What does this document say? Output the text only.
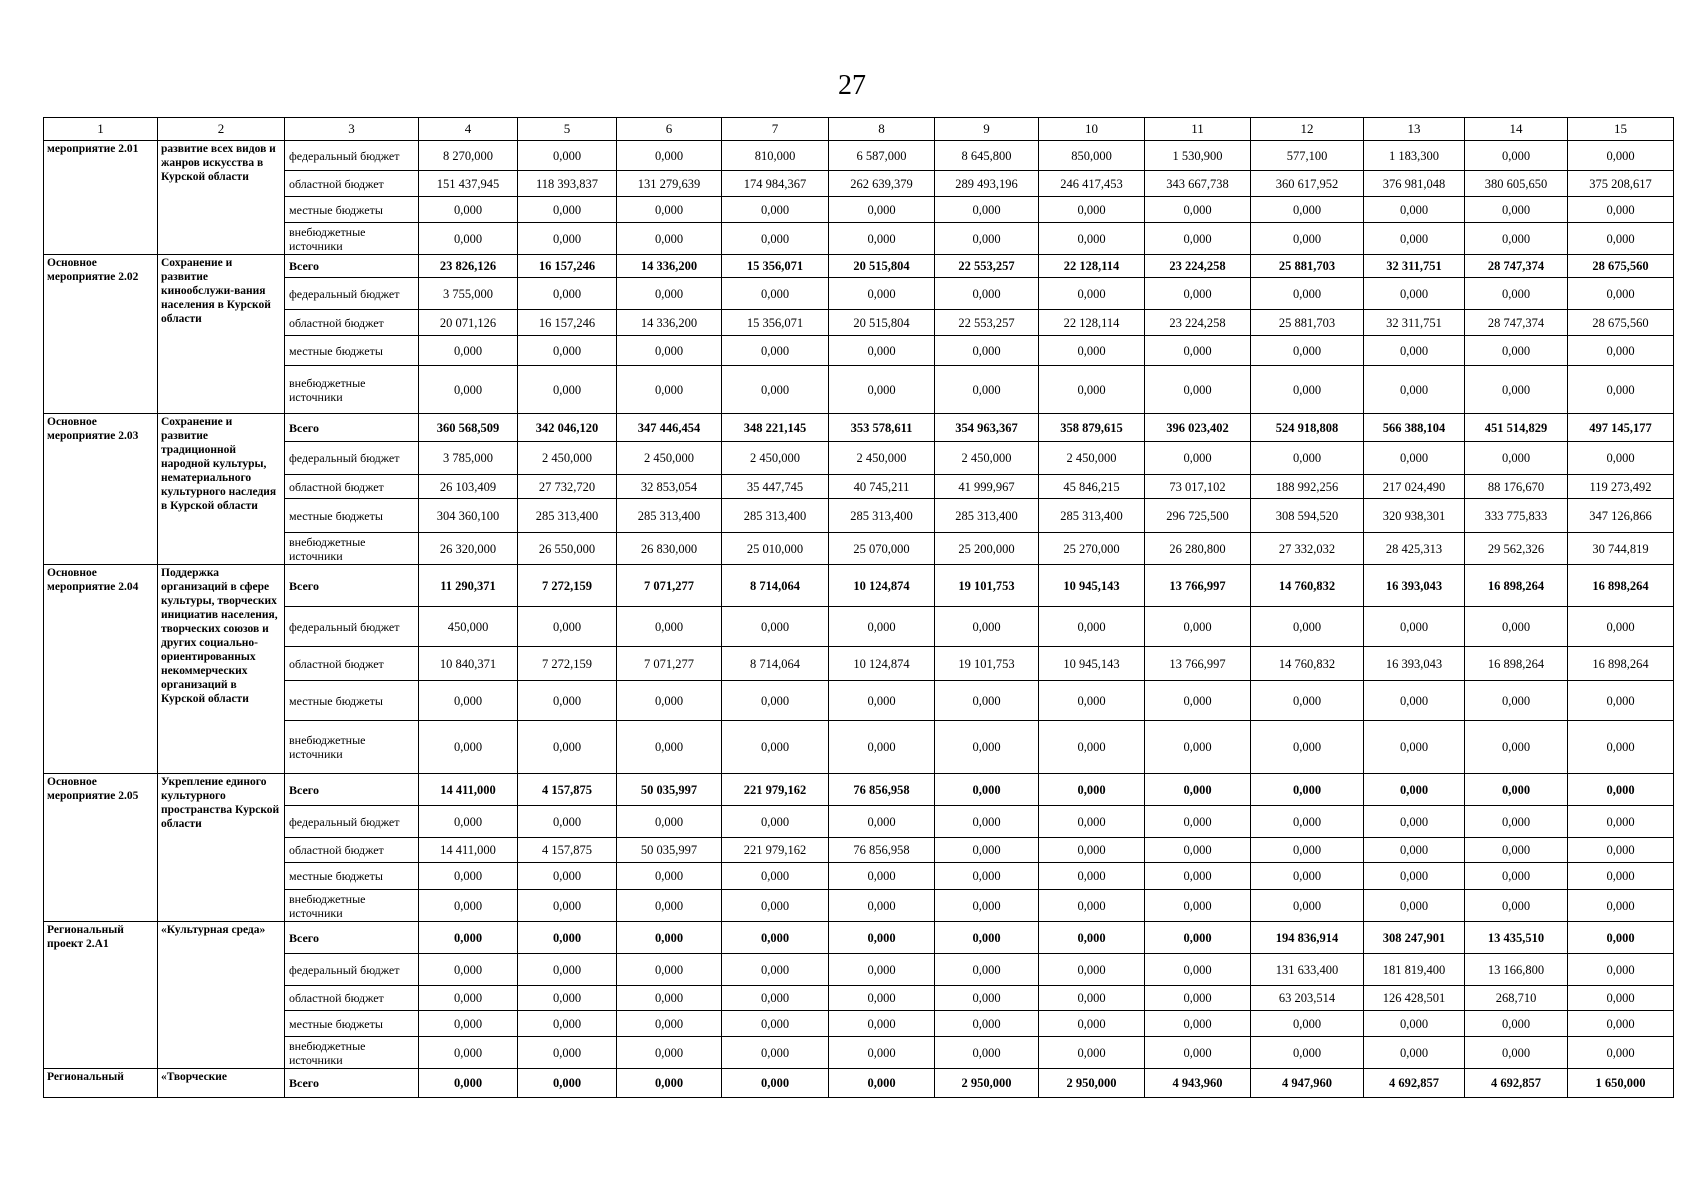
27
1	2	3	4	5	6	7	8	9	10	11	12	13	14	15
мероприятие 2.01	развитие всех видов и жанров искусства в Курской области	федеральный бюджет	8 270,000	0,000	0,000	810,000	6 587,000	8 645,800	850,000	1 530,900	577,100	1 183,300	0,000	0,000
		областной бюджет	151 437,945	118 393,837	131 279,639	174 984,367	262 639,379	289 493,196	246 417,453	343 667,738	360 617,952	376 981,048	380 605,650	375 208,617
		местные бюджеты	0,000	0,000	0,000	0,000	0,000	0,000	0,000	0,000	0,000	0,000	0,000	0,000
		внебюджетные источники	0,000	0,000	0,000	0,000	0,000	0,000	0,000	0,000	0,000	0,000	0,000	0,000
Основное мероприятие 2.02	Сохранение и развитие кинообслужи-вания населения в Курской области	Всего	23 826,126	16 157,246	14 336,200	15 356,071	20 515,804	22 553,257	22 128,114	23 224,258	25 881,703	32 311,751	28 747,374	28 675,560
		федеральный бюджет	3 755,000	0,000	0,000	0,000	0,000	0,000	0,000	0,000	0,000	0,000	0,000	0,000
		областной бюджет	20 071,126	16 157,246	14 336,200	15 356,071	20 515,804	22 553,257	22 128,114	23 224,258	25 881,703	32 311,751	28 747,374	28 675,560
		местные бюджеты	0,000	0,000	0,000	0,000	0,000	0,000	0,000	0,000	0,000	0,000	0,000	0,000
		внебюджетные источники	0,000	0,000	0,000	0,000	0,000	0,000	0,000	0,000	0,000	0,000	0,000	0,000
Основное мероприятие 2.03	Сохранение и развитие традиционной народной культуры, нематериального культурного наследия в Курской области	Всего	360 568,509	342 046,120	347 446,454	348 221,145	353 578,611	354 963,367	358 879,615	396 023,402	524 918,808	566 388,104	451 514,829	497 145,177
		федеральный бюджет	3 785,000	2 450,000	2 450,000	2 450,000	2 450,000	2 450,000	2 450,000	0,000	0,000	0,000	0,000	0,000
		областной бюджет	26 103,409	27 732,720	32 853,054	35 447,745	40 745,211	41 999,967	45 846,215	73 017,102	188 992,256	217 024,490	88 176,670	119 273,492
		местные бюджеты	304 360,100	285 313,400	285 313,400	285 313,400	285 313,400	285 313,400	285 313,400	296 725,500	308 594,520	320 938,301	333 775,833	347 126,866
		внебюджетные источники	26 320,000	26 550,000	26 830,000	25 010,000	25 070,000	25 200,000	25 270,000	26 280,800	27 332,032	28 425,313	29 562,326	30 744,819
Основное мероприятие 2.04	Поддержка организаций в сфере культуры, творческих инициатив населения, творческих союзов и других социально-ориентированных некоммерческих организаций в Курской области	Всего	11 290,371	7 272,159	7 071,277	8 714,064	10 124,874	19 101,753	10 945,143	13 766,997	14 760,832	16 393,043	16 898,264	16 898,264
		федеральный бюджет	450,000	0,000	0,000	0,000	0,000	0,000	0,000	0,000	0,000	0,000	0,000	0,000
		областной бюджет	10 840,371	7 272,159	7 071,277	8 714,064	10 124,874	19 101,753	10 945,143	13 766,997	14 760,832	16 393,043	16 898,264	16 898,264
		местные бюджеты	0,000	0,000	0,000	0,000	0,000	0,000	0,000	0,000	0,000	0,000	0,000	0,000
		внебюджетные источники	0,000	0,000	0,000	0,000	0,000	0,000	0,000	0,000	0,000	0,000	0,000	0,000
Основное мероприятие 2.05	Укрепление единого культурного пространства Курской области	Всего	14 411,000	4 157,875	50 035,997	221 979,162	76 856,958	0,000	0,000	0,000	0,000	0,000	0,000	0,000
		федеральный бюджет	0,000	0,000	0,000	0,000	0,000	0,000	0,000	0,000	0,000	0,000	0,000	0,000
		областной бюджет	14 411,000	4 157,875	50 035,997	221 979,162	76 856,958	0,000	0,000	0,000	0,000	0,000	0,000	0,000
		местные бюджеты	0,000	0,000	0,000	0,000	0,000	0,000	0,000	0,000	0,000	0,000	0,000	0,000
		внебюджетные источники	0,000	0,000	0,000	0,000	0,000	0,000	0,000	0,000	0,000	0,000	0,000	0,000
Региональный проект 2.А1	«Культурная среда»	Всего	0,000	0,000	0,000	0,000	0,000	0,000	0,000	0,000	194 836,914	308 247,901	13 435,510	0,000
		федеральный бюджет	0,000	0,000	0,000	0,000	0,000	0,000	0,000	0,000	131 633,400	181 819,400	13 166,800	0,000
		областной бюджет	0,000	0,000	0,000	0,000	0,000	0,000	0,000	0,000	63 203,514	126 428,501	268,710	0,000
		местные бюджеты	0,000	0,000	0,000	0,000	0,000	0,000	0,000	0,000	0,000	0,000	0,000	0,000
		внебюджетные источники	0,000	0,000	0,000	0,000	0,000	0,000	0,000	0,000	0,000	0,000	0,000	0,000
Региональный	«Творческие	Всего	0,000	0,000	0,000	0,000	0,000	2 950,000	2 950,000	4 943,960	4 947,960	4 692,857	4 692,857	1 650,000
